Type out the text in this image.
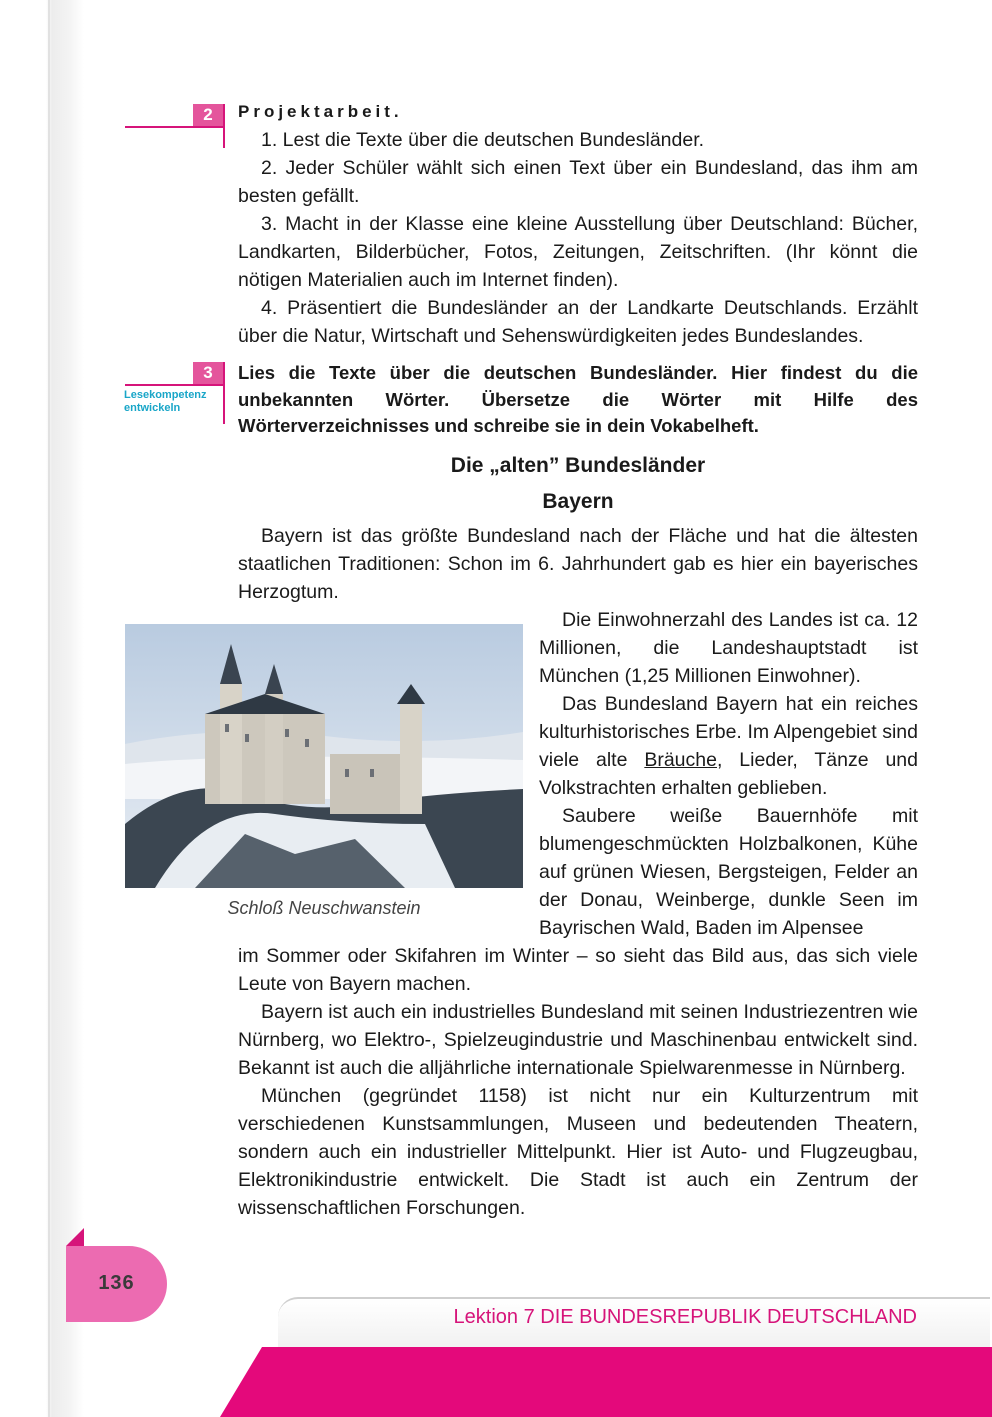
2	Projektarbeit.

1. Lest die Texte über die deutschen Bundesländer.

2. Jeder Schüler wählt sich einen Text über ein Bundesland, das ihm am besten gefällt.

3. Macht in der Klasse eine kleine Ausstellung über Deutschland: Bücher, Landkarten, Bilderbücher, Fotos, Zeitungen, Zeitschriften. (Ihr könnt die nötigen Materialien auch im Internet finden).

4. Präsentiert die Bundesländer an der Landkarte Deutschlands. Erzählt über die Natur, Wirtschaft und Sehenswürdigkeiten jedes Bundeslandes.

3
Lesekompetenz entwickeln
Lies die Texte über die deutschen Bundesländer. Hier findest du die unbekannten Wörter. Übersetze die Wörter mit Hilfe des Wörterverzeichnisses und schreibe sie in dein Vokabelheft.
Die „alten” Bundesländer
Bayern

Bayern ist das größte Bundesland nach der Fläche und hat die ältesten staatlichen Traditionen: Schon im 6. Jahrhundert gab es hier ein bayerisches Herzogtum.

Schloß Neuschwanstein

Die Einwohnerzahl des Landes ist ca. 12 Millionen, die Landeshauptstadt ist München (1,25 Millionen Einwohner).

Das Bundesland Bayern hat ein reiches kulturhistorisches Erbe. Im Alpengebiet sind viele alte Bräuche, Lieder, Tänze und Volkstrachten erhalten geblieben.

Saubere weiße Bauernhöfe mit blumengeschmückten Holzbalkonen, Kühe auf grünen Wiesen, Bergsteigen, Felder an der Donau, Weinberge, dunkle Seen im Bayrischen Wald, Baden im Alpensee

im Sommer oder Skifahren im Winter – so sieht das Bild aus, das sich viele Leute von Bayern machen.

Bayern ist auch ein industrielles Bundesland mit seinen Industriezentren wie Nürnberg, wo Elektro-, Spielzeugindustrie und Maschinenbau entwickelt sind. Bekannt ist auch die alljährliche internationale Spielwarenmesse in Nürnberg.

München (gegründet 1158) ist nicht nur ein Kulturzentrum mit verschiedenen Kunstsammlungen, Museen und bedeutenden Theatern, sondern auch ein industrieller Mittelpunkt. Hier ist Auto- und Flugzeugbau, Elektronikindustrie entwickelt. Die Stadt ist auch ein Zentrum der wissenschaftlichen Forschungen.

136
Lektion 7 DIE BUNDESREPUBLIK DEUTSCHLAND
